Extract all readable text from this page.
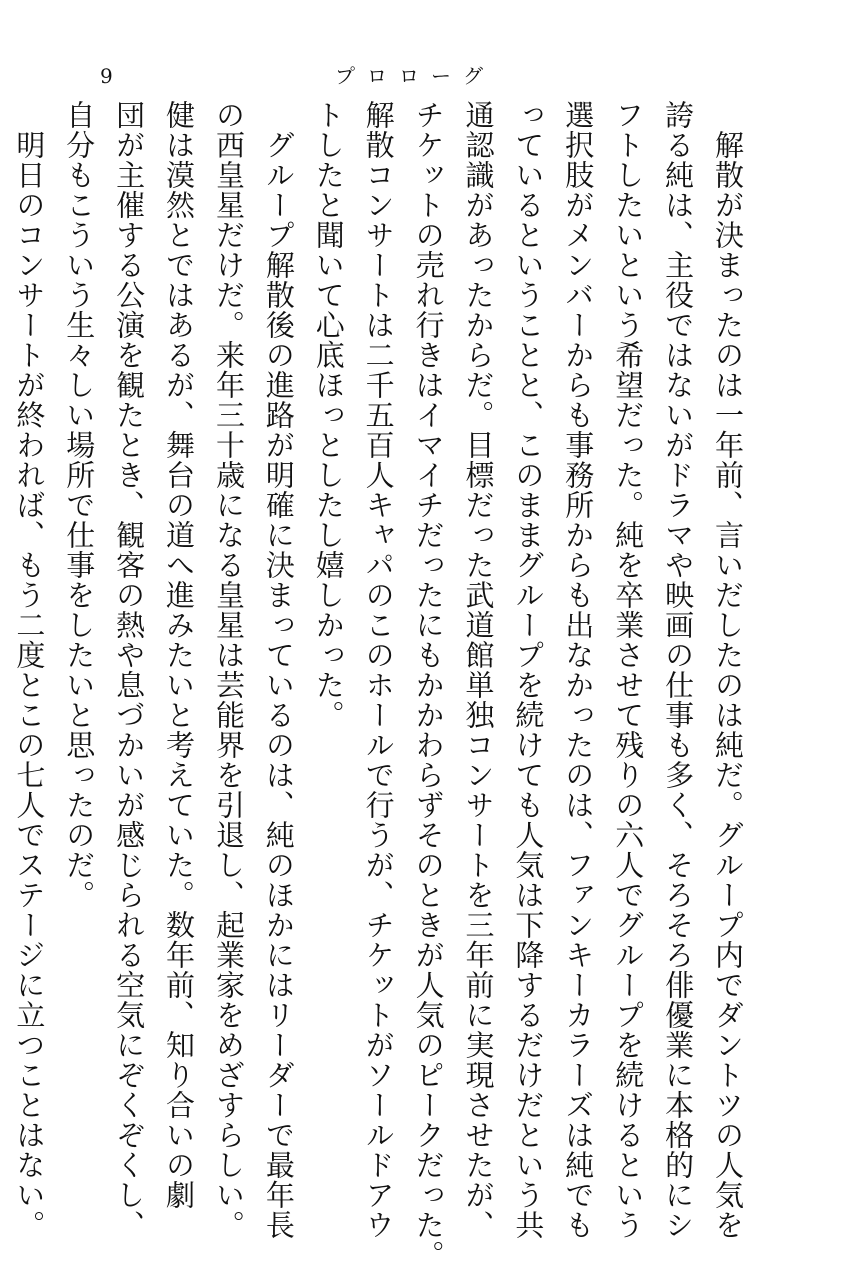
9	プロローグ
　解散が決まったのは一年前、言いだしたのは純だ。グループ内でダントツの人気を
誇る純は、主役ではないがドラマや映画の仕事も多く、そろそろ俳優業に本格的にシ
フトしたいという希望だった。純を卒業させて残りの六人でグループを続けるという
選択肢がメンバーからも事務所からも出なかったのは、ファンキーカラーズは純でも
っているということと、このままグループを続けても人気は下降するだけだという共
通認識があったからだ。目標だった武道館単独コンサートを三年前に実現させたが、
チケットの売れ行きはイマイチだったにもかかわらずそのときが人気のピークだった。
解散コンサートは二千五百人キャパのこのホールで行うが、チケットがソールドアウ
トしたと聞いて心底ほっとしたし嬉しかった。
　グループ解散後の進路が明確に決まっているのは、純のほかにはリーダーで最年長
の西皇星だけだ。来年三十歳になる皇星は芸能界を引退し、起業家をめざすらしい。
健は漠然とではあるが、舞台の道へ進みたいと考えていた。数年前、知り合いの劇
団が主催する公演を観たとき、観客の熱や息づかいが感じられる空気にぞくぞくし、
自分もこういう生々しい場所で仕事をしたいと思ったのだ。
　明日のコンサートが終われば、もう二度とこの七人でステージに立つことはない。
